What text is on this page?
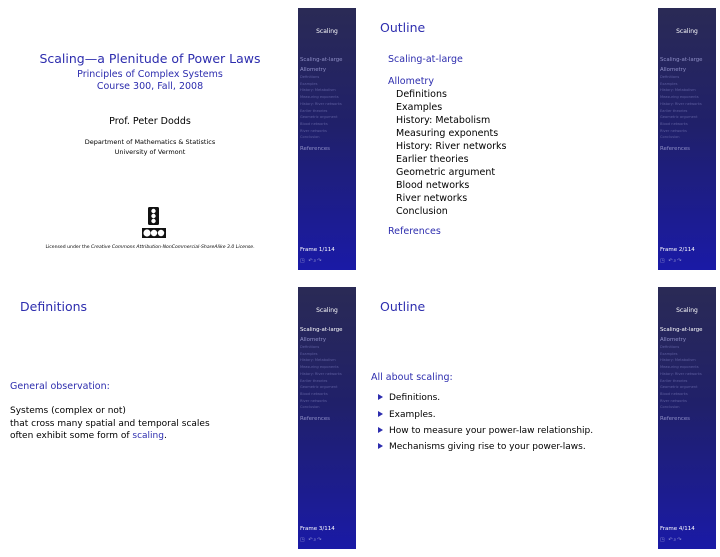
Scaling—a Plenitude of Power Laws
Principles of Complex Systems
Course 300, Fall, 2008
Prof. Peter Dodds
Department of Mathematics & Statistics
University of Vermont
Licensed under the Creative Commons Attribution-NonCommercial-ShareAlike 3.0 License.
Scaling
Scaling-at-large
Allometry
Definitions
Examples
History: Metabolism
Measuring exponents
History: River networks
Earlier theories
Geometric argument
Blood networks
River networks
Conclusion
References
Frame 1/114
◳ ↶⌕↷
Outline
Scaling-at-large
Allometry
Definitions
Examples
History: Metabolism
Measuring exponents
History: River networks
Earlier theories
Geometric argument
Blood networks
River networks
Conclusion
References
Scaling
Scaling-at-large
Allometry
Definitions
Examples
History: Metabolism
Measuring exponents
History: River networks
Earlier theories
Geometric argument
Blood networks
River networks
Conclusion
References
Frame 2/114
◳ ↶⌕↷
Definitions
General observation:
Systems (complex or not)
that cross many spatial and temporal scales
often exhibit some form of scaling.
Scaling
Scaling-at-large
Allometry
Definitions
Examples
History: Metabolism
Measuring exponents
History: River networks
Earlier theories
Geometric argument
Blood networks
River networks
Conclusion
References
Frame 3/114
◳ ↶⌕↷
Outline
All about scaling:
Definitions.
Examples.
How to measure your power-law relationship.
Mechanisms giving rise to your power-laws.
Scaling
Scaling-at-large
Allometry
Definitions
Examples
History: Metabolism
Measuring exponents
History: River networks
Earlier theories
Geometric argument
Blood networks
River networks
Conclusion
References
Frame 4/114
◳ ↶⌕↷
